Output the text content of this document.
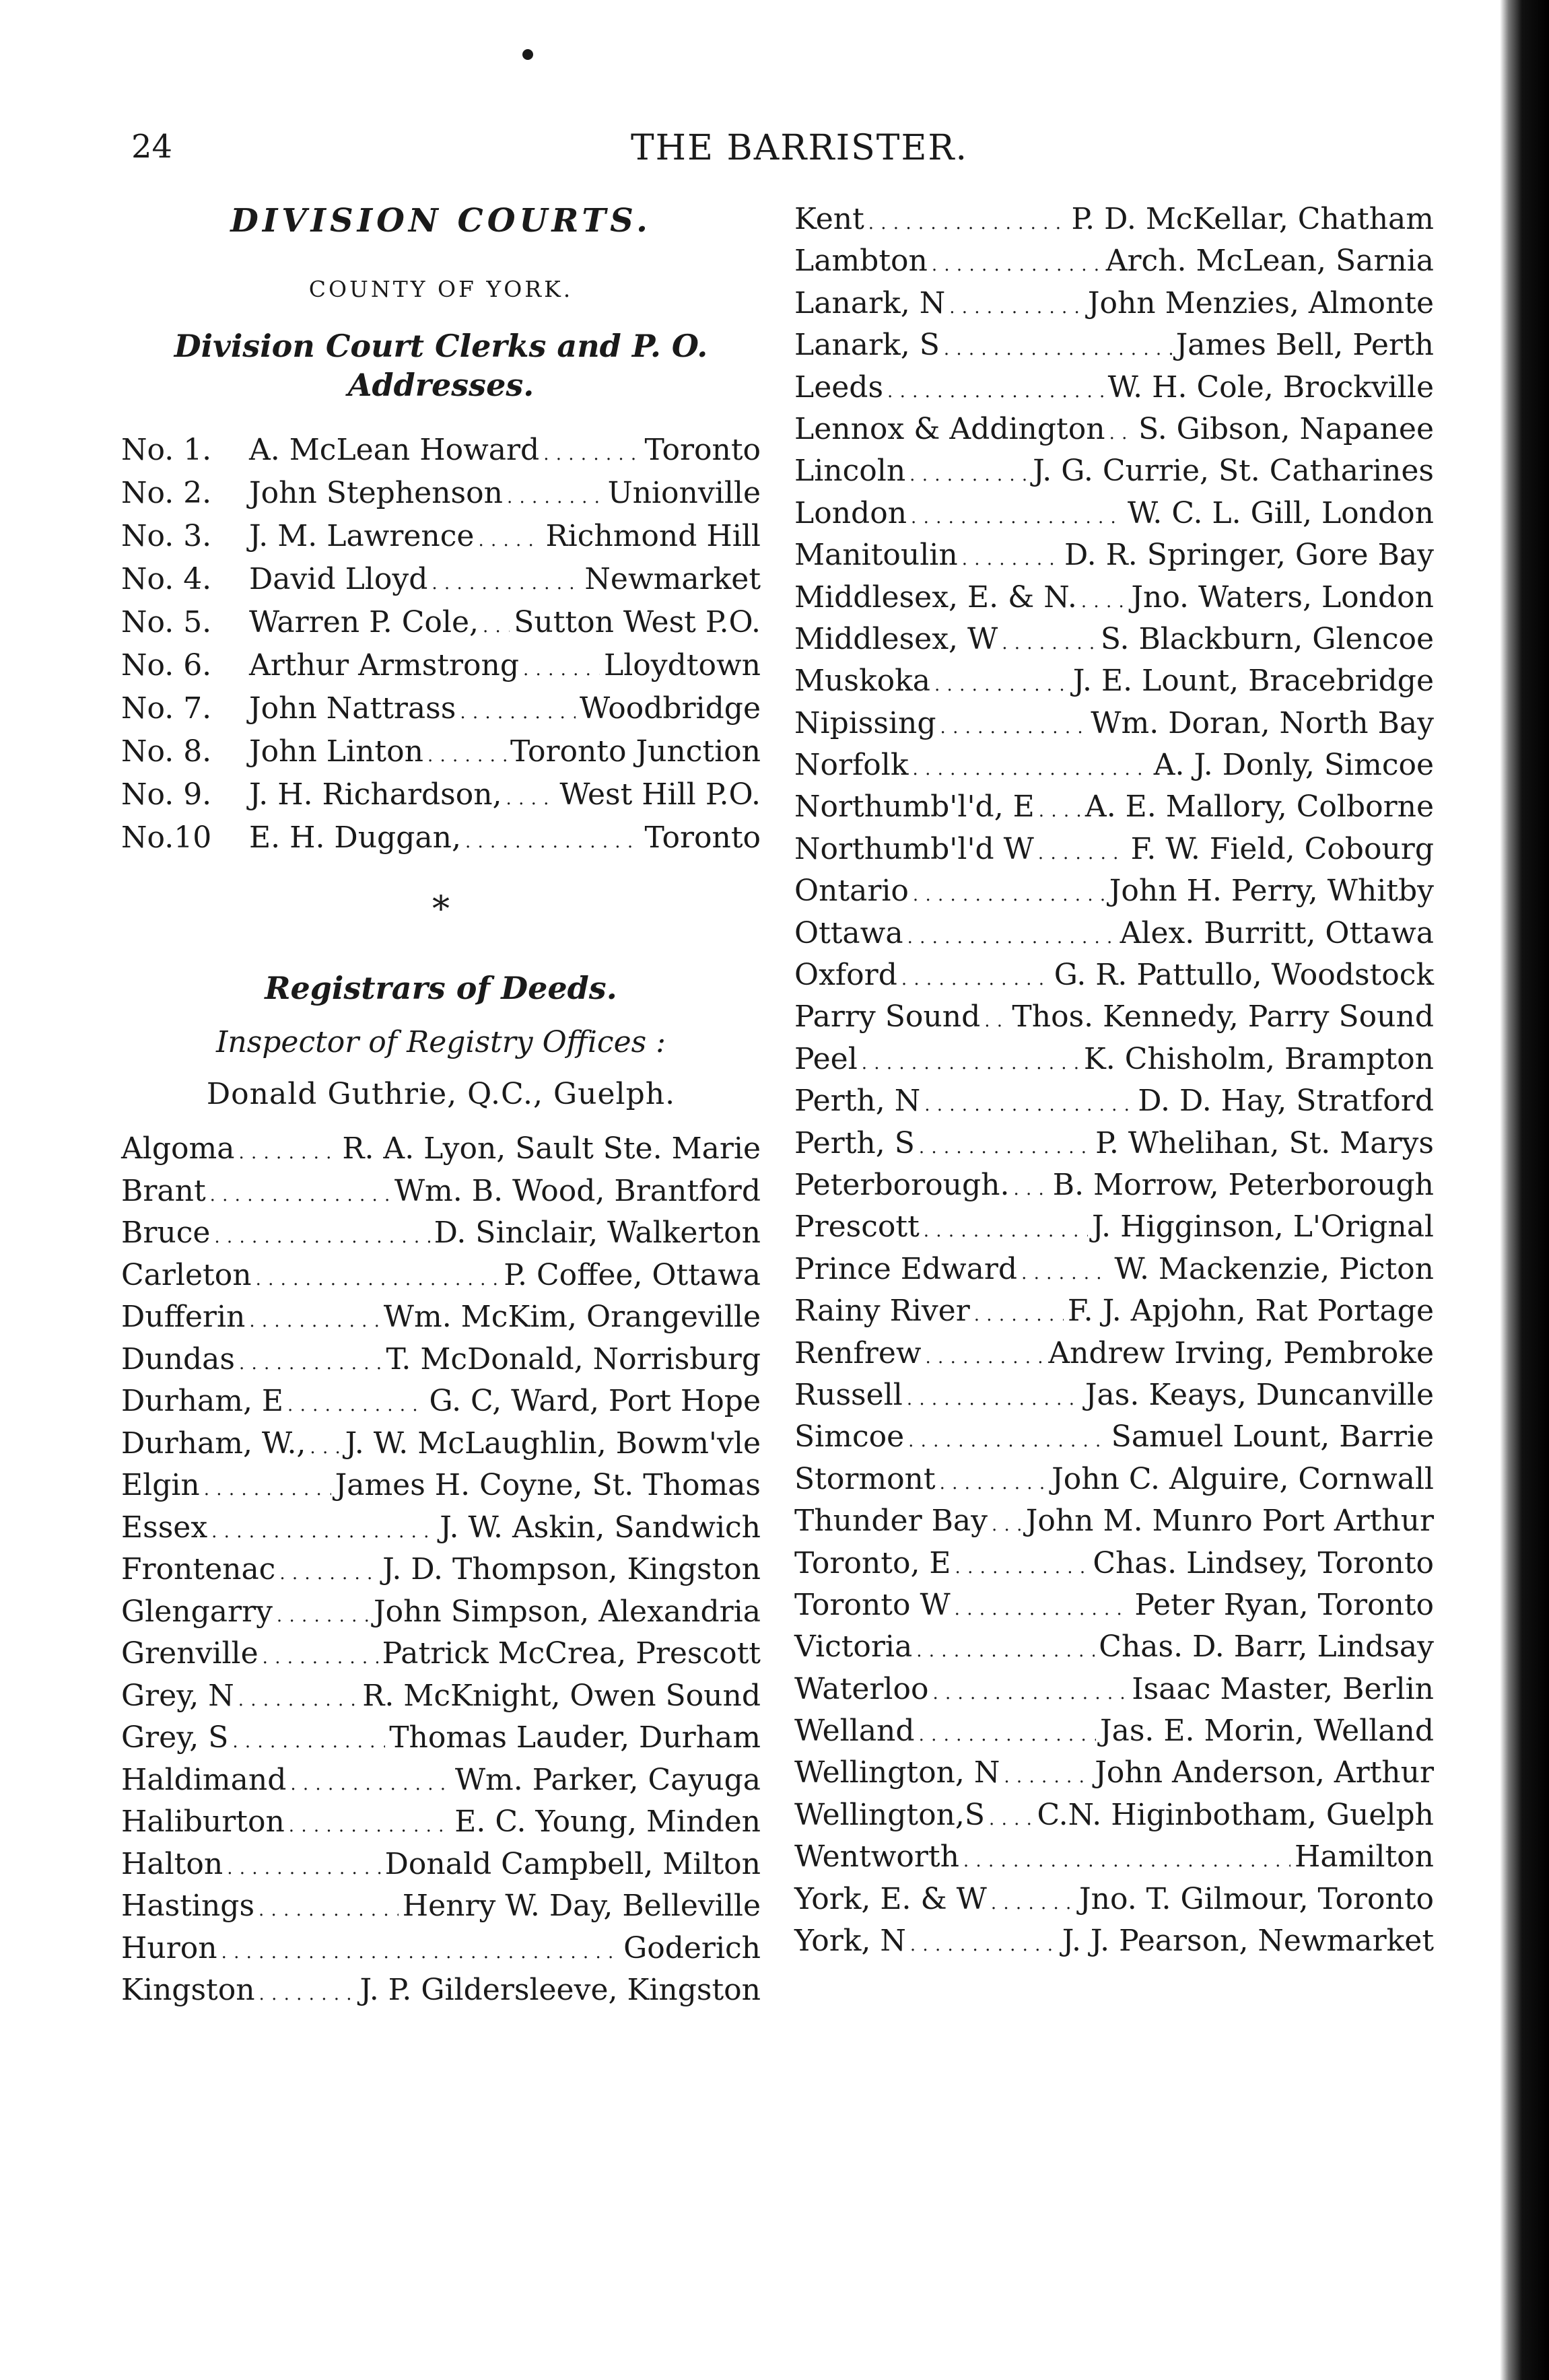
24	THE BARRISTER.
DIVISION COURTS.
COUNTY OF YORK.
Division Court Clerks and P. O. Addresses.
No. 1.	A. McLean Howard . . .	Toronto
No. 2.	John Stephenson . . .	Unionville
No. 3.	J. M. Lawrence . . . Richmond Hill
No. 4.	David Lloyd . . .	Newmarket
No. 5.	Warren P. Cole, . . . Sutton West P.O.
No. 6.	Arthur Armstrong . . .	Lloydtown
No. 7.	John Nattrass . . .	Woodbridge
No. 8.	John Linton . . .	Toronto Junction
No. 9.	J. H. Richardson, . . . West Hill P.O.
No.10	E. H. Duggan, . . .	Toronto
*
Registrars of Deeds.
Inspector of Registry Offices :
Donald Guthrie, Q.C., Guelph.
Algoma . . .	R. A. Lyon, Sault Ste. Marie
Brant . . .	Wm. B. Wood, Brantford
Bruce . . .	D. Sinclair, Walkerton
Carleton . . .	P. Coffee, Ottawa
Dufferin . . .	Wm. McKim, Orangeville
Dundas . . .	T. McDonald, Norrisburg
Durham, E . . .	G. C, Ward, Port Hope
Durham, W., . . . J. W. McLaughlin, Bowm'vle
Elgin . . .	James H. Coyne, St. Thomas
Essex . . .	J. W. Askin, Sandwich
Frontenac . . .	J. D. Thompson, Kingston
Glengarry . . .	John Simpson, Alexandria
Grenville . . .	Patrick McCrea, Prescott
Grey, N . . .	R. McKnight, Owen Sound
Grey, S . . .	Thomas Lauder, Durham
Haldimand . . .	Wm. Parker, Cayuga
Haliburton . . .	E. C. Young, Minden
Halton . . .	Donald Campbell, Milton
Hastings . . .	Henry W. Day, Belleville
Huron . . .	Goderich
Kingston . . .	J. P. Gildersleeve, Kingston
Kent . . .	P. D. McKellar, Chatham
Lambton . . .	Arch. McLean, Sarnia
Lanark, N . . .	John Menzies, Almonte
Lanark, S . . .	James Bell, Perth
Leeds . . .	W. H. Cole, Brockville
Lennox & Addington . . . S. Gibson, Napanee
Lincoln . . .	J. G. Currie, St. Catharines
London . . .	W. C. L. Gill, London
Manitoulin . . .	D. R. Springer, Gore Bay
Middlesex, E. & N. . . . Jno. Waters, London
Middlesex, W . . .	S. Blackburn, Glencoe
Muskoka . . .	J. E. Lount, Bracebridge
Nipissing . . .	Wm. Doran, North Bay
Norfolk . . .	A. J. Donly, Simcoe
Northumb'l'd, E . . . A. E. Mallory, Colborne
Northumb'l'd W . . .	F. W. Field, Cobourg
Ontario . . .	John H. Perry, Whitby
Ottawa . . .	Alex. Burritt, Ottawa
Oxford . . .	G. R. Pattullo, Woodstock
Parry Sound . . . Thos. Kennedy, Parry Sound
Peel . . .	K. Chisholm, Brampton
Perth, N . . .	D. D. Hay, Stratford
Perth, S . . .	P. Whelihan, St. Marys
Peterborough. . . . B. Morrow, Peterborough
Prescott . . .	J. Higginson, L'Orignal
Prince Edward . . .	W. Mackenzie, Picton
Rainy River . . .	F. J. Apjohn, Rat Portage
Renfrew . . .	Andrew Irving, Pembroke
Russell . . .	Jas. Keays, Duncanville
Simcoe . . .	Samuel Lount, Barrie
Stormont . . .	John C. Alguire, Cornwall
Thunder Bay . . . John M. Munro Port Arthur
Toronto, E . . .	Chas. Lindsey, Toronto
Toronto W . . .	Peter Ryan, Toronto
Victoria . . .	Chas. D. Barr, Lindsay
Waterloo . . .	Isaac Master, Berlin
Welland . . .	Jas. E. Morin, Welland
Wellington, N . . .	John Anderson, Arthur
Wellington,S . . . C.N. Higinbotham, Guelph
Wentworth . . .	Hamilton
York, E. & W . . .	Jno. T. Gilmour, Toronto
York, N . . .	J. J. Pearson, Newmarket
